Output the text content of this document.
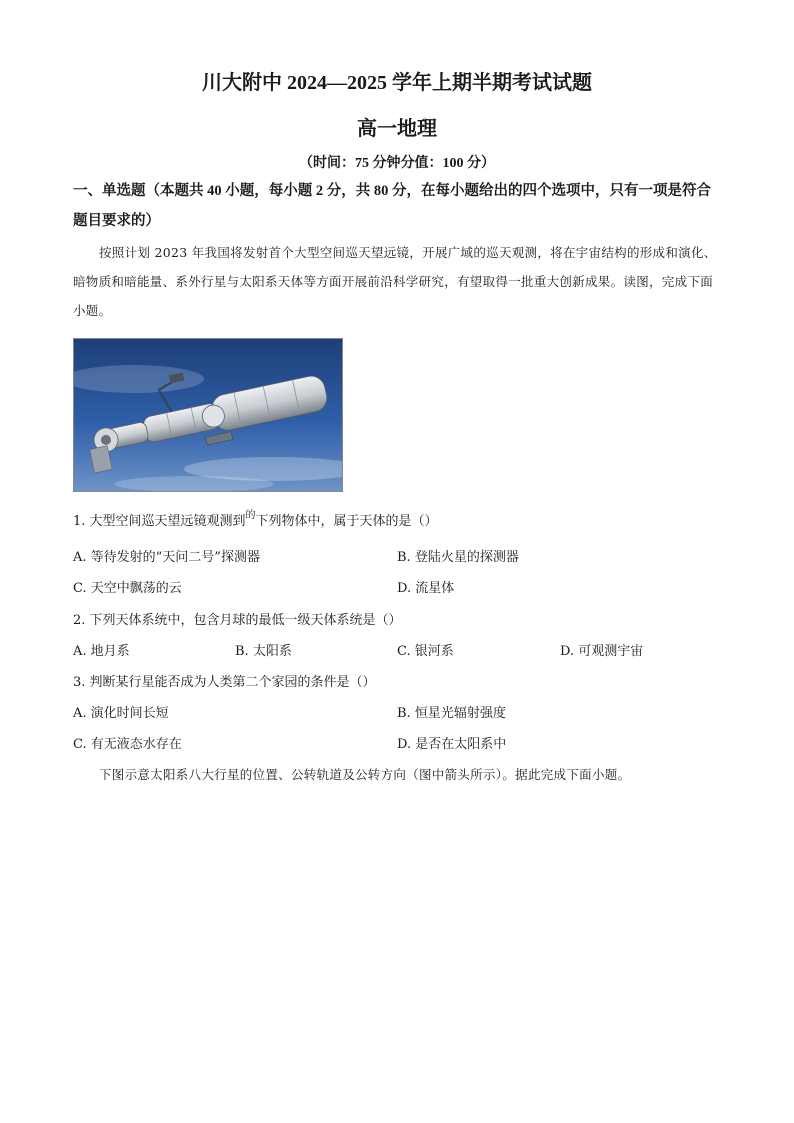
川大附中 2024—2025 学年上期半期考试试题
高一地理

（时间：75 分钟分值：100 分）

一、单选题（本题共 40 小题，每小题 2 分，共 80 分，在每小题给出的四个选项中，只有一项是符合题目要求的）

按照计划 2023 年我国将发射首个大型空间巡天望远镜，开展广域的巡天观测，将在宇宙结构的形成和演化、暗物质和暗能量、系外行星与太阳系天体等方面开展前沿科学研究，有望取得一批重大创新成果。读图，完成下面小题。

1. 大型空间巡天望远镜观测到$^的$下列物体中，属于天体的是（）

A. 等待发射的“天问二号”探测器	B. 登陆火星的探测器

C. 天空中飘荡的云	D. 流星体

2. 下列天体系统中，包含月球的最低一级天体系统是（）

A. 地月系	B. 太阳系	C. 银河系	D. 可观测宇宙

3. 判断某行星能否成为人类第二个家园的条件是（）

A. 演化时间长短	B. 恒星光辐射强度

C. 有无液态水存在	D. 是否在太阳系中

下图示意太阳系八大行星的位置、公转轨道及公转方向（图中箭头所示）。据此完成下面小题。
